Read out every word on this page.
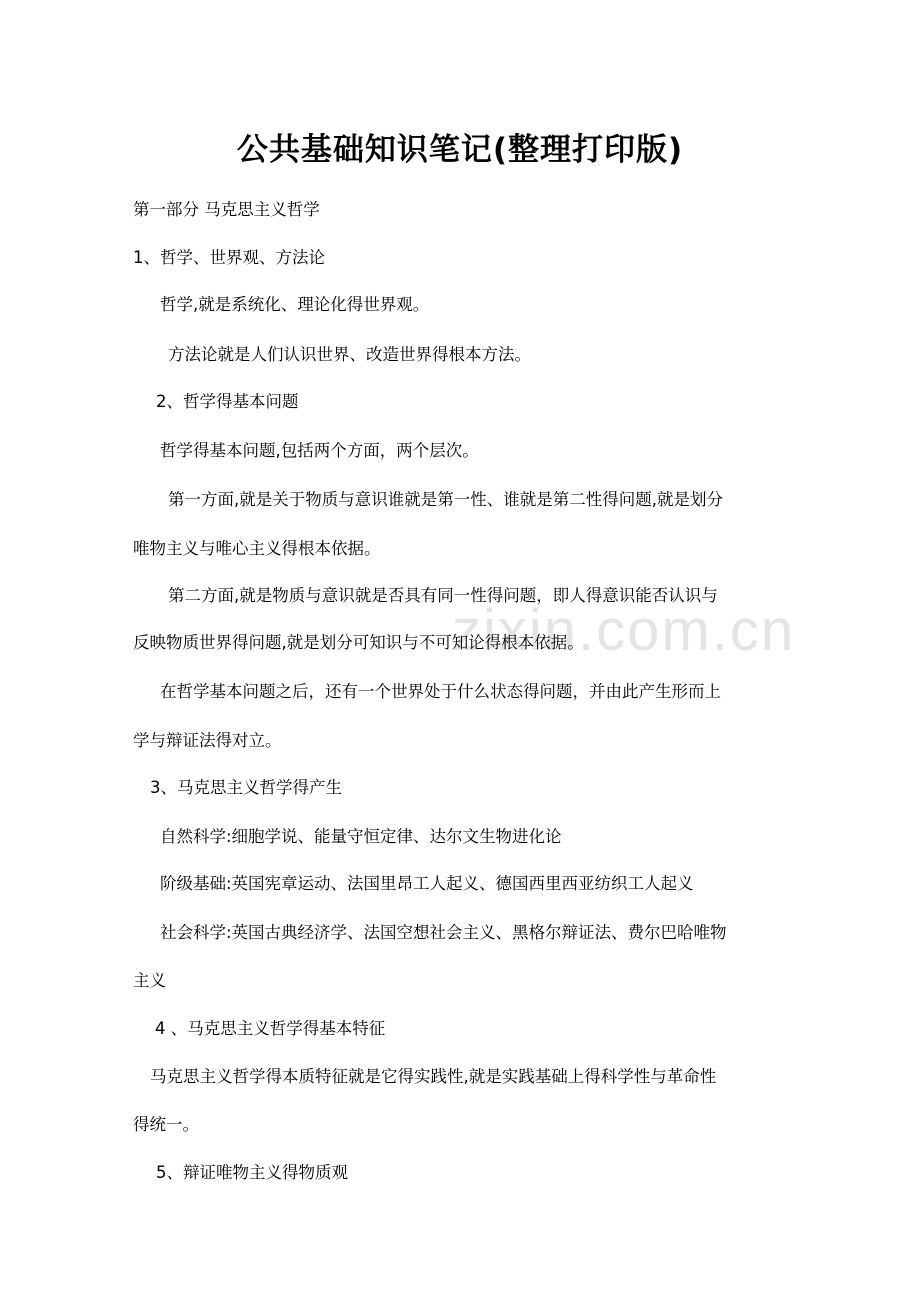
公共基础知识笔记(整理打印版)
zixin.com.cn
第一部分 马克思主义哲学
1、哲学、世界观、方法论
哲学,就是系统化、理论化得世界观。
方法论就是人们认识世界、改造世界得根本方法。
2、哲学得基本问题
哲学得基本问题,包括两个方面，两个层次。
第一方面,就是关于物质与意识谁就是第一性、谁就是第二性得问题,就是划分
唯物主义与唯心主义得根本依据。
第二方面,就是物质与意识就是否具有同一性得问题，即人得意识能否认识与
反映物质世界得问题,就是划分可知识与不可知论得根本依据。
在哲学基本问题之后，还有一个世界处于什么状态得问题，并由此产生形而上
学与辩证法得对立。
3、马克思主义哲学得产生
自然科学:细胞学说、能量守恒定律、达尔文生物进化论
阶级基础:英国宪章运动、法国里昂工人起义、德国西里西亚纺织工人起义
社会科学:英国古典经济学、法国空想社会主义、黑格尔辩证法、费尔巴哈唯物
主义
4 、马克思主义哲学得基本特征
马克思主义哲学得本质特征就是它得实践性,就是实践基础上得科学性与革命性
得统一。
5、辩证唯物主义得物质观
